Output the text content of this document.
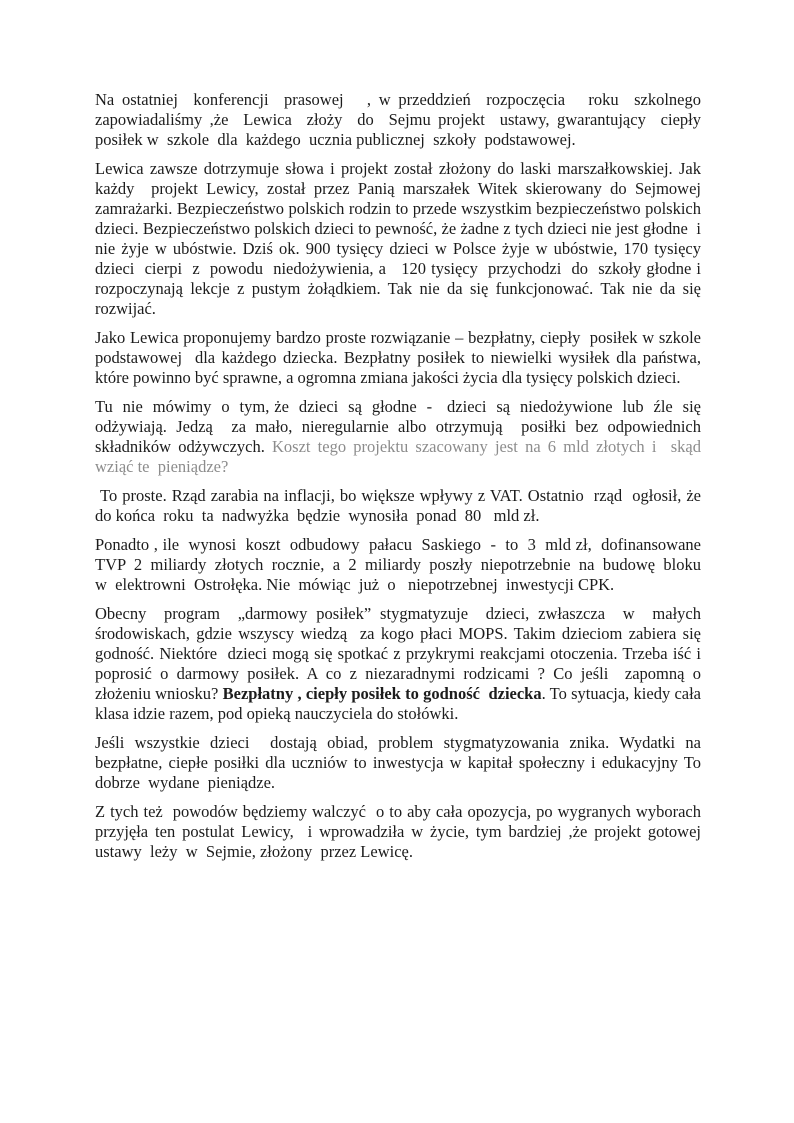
Na ostatniej  konferencji  prasowej   , w przeddzień  rozpoczęcia   roku  szkolnego zapowiadaliśmy ,że  Lewica  złoży  do  Sejmu projekt  ustawy, gwarantujący  ciepły  posiłek w  szkole  dla  każdego  ucznia publicznej  szkoły  podstawowej.

Lewica zawsze dotrzymuje słowa i projekt został złożony do laski marszałkowskiej. Jak każdy  projekt Lewicy, został przez Panią marszałek Witek skierowany do Sejmowej  zamrażarki. Bezpieczeństwo polskich rodzin to przede wszystkim bezpieczeństwo polskich dzieci. Bezpieczeństwo polskich dzieci to pewność, że żadne z tych dzieci nie jest głodne  i  nie żyje w ubóstwie. Dziś ok. 900 tysięcy dzieci w Polsce żyje w ubóstwie, 170 tysięcy  dzieci  cierpi  z  powodu  niedożywienia, a   120 tysięcy  przychodzi  do  szkoły głodne i  rozpoczynają lekcje z pustym żołądkiem. Tak nie da się funkcjonować. Tak nie da się rozwijać.

Jako Lewica proponujemy bardzo proste rozwiązanie – bezpłatny, ciepły  posiłek w szkole podstawowej  dla każdego dziecka. Bezpłatny posiłek to niewielki wysiłek dla państwa, które powinno być sprawne, a ogromna zmiana jakości życia dla tysięcy polskich dzieci.

Tu  nie  mówimy  o  tym, że  dzieci  są  głodne  -   dzieci  są  niedożywione  lub  źle  się odżywiają. Jedzą  za mało, nieregularnie albo otrzymują  posiłki bez odpowiednich składników odżywczych. Koszt tego projektu szacowany jest na 6 mld złotych i  skąd  wziąć te  pieniądze?

To proste. Rząd zarabia na inflacji, bo większe wpływy z VAT. Ostatnio  rząd  ogłosił, że  do końca  roku  ta  nadwyżka  będzie  wynosiła  ponad  80   mld zł.

Ponadto , ile  wynosi  koszt  odbudowy  pałacu  Saskiego  -  to  3  mld zł,  dofinansowane TVP  2  miliardy  złotych  rocznie,  a  2  miliardy  poszły  niepotrzebnie  na  budowę  bloku w  elektrowni  Ostrołęka. Nie  mówiąc  już  o   niepotrzebnej  inwestycji CPK.

Obecny  program  „darmowy posiłek” stygmatyzuje  dzieci, zwłaszcza  w  małych środowiskach, gdzie wszyscy wiedzą  za kogo płaci MOPS. Takim dzieciom zabiera się godność. Niektóre  dzieci mogą się spotkać z przykrymi reakcjami otoczenia. Trzeba iść i poprosić o darmowy posiłek. A co z niezaradnymi rodzicami ? Co jeśli  zapomną o złożeniu wniosku? Bezpłatny , ciepły posiłek to godność  dziecka. To sytuacja, kiedy cała klasa idzie razem, pod opieką nauczyciela do stołówki.

Jeśli wszystkie dzieci  dostają obiad, problem stygmatyzowania znika. Wydatki na bezpłatne, ciepłe posiłki dla uczniów to inwestycja w kapitał społeczny i edukacyjny To dobrze  wydane  pieniądze.

Z tych też  powodów będziemy walczyć  o to aby cała opozycja, po wygranych wyborach przyjęła ten postulat Lewicy,  i wprowadziła w życie, tym bardziej ,że projekt gotowej  ustawy  leży  w  Sejmie, złożony  przez Lewicę.
